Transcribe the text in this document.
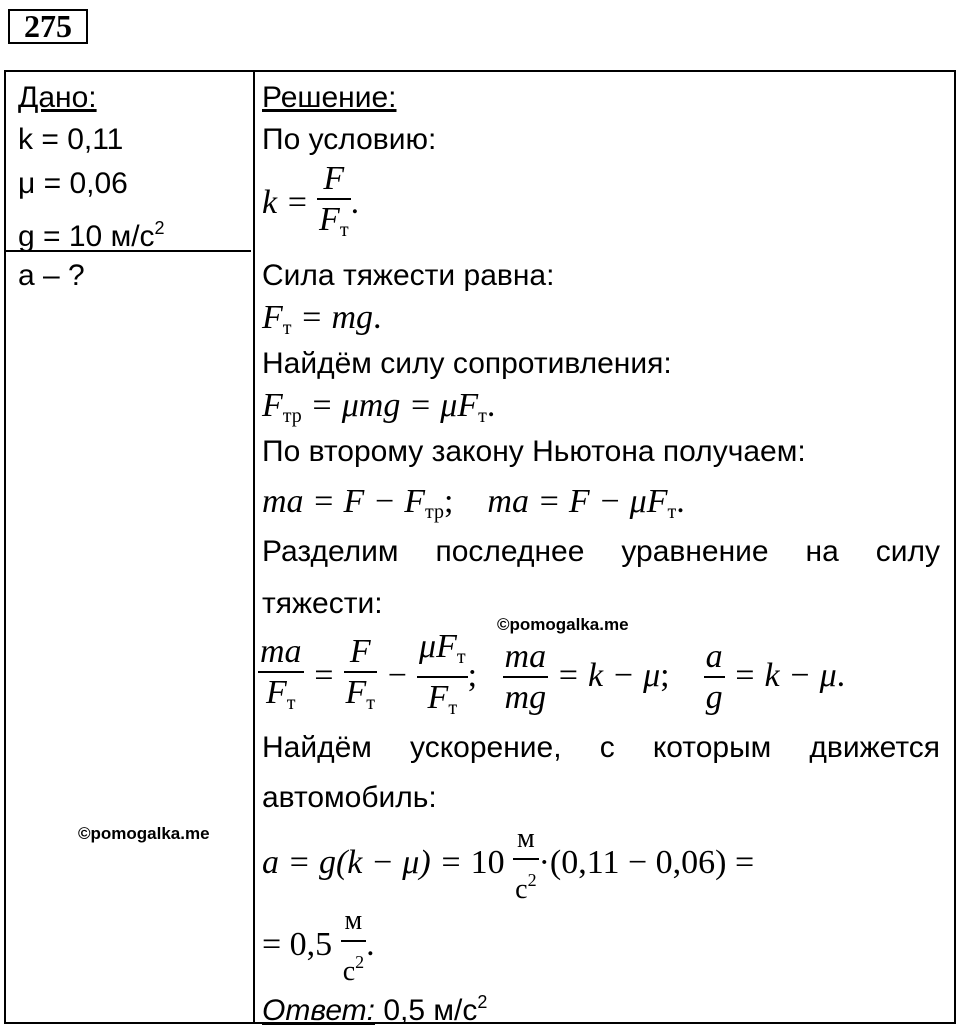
275
Дано:
k = 0,11
μ = 0,06
g = 10 $м/с^2$
a – ?
Решение:
По условию:
$k = \frac{F}{F_т}$ .
Сила тяжести равна:
$F_т$ = mg.
Найдём силу сопротивления:
$F_{тр} = \mu mg = \mu F_т$.
По второму закону Ньютона получаем:
ma = $F - F_{тр}$;    ma = $F - \mu F_т$.
Разделим последнее уравнение на силу
тяжести:
$\frac{ma}{F_т} = \frac{F}{F_т} - \frac{\mu F_т}{F_т}$ ; $\frac{ma}{mg} = k - \mu$; $\frac{a}{g} = k - \mu$.
Найдём ускорение, с которым движется
автомобиль:
$a = g(k - \mu) = 10 \frac{м}{с^2} \cdot(0,11 - 0,06)$ =
= $0,5 \frac{м}{с^2}$ .
Ответ: 0,5 $м/с^2$
©pomogalka.me
©pomogalka.me
